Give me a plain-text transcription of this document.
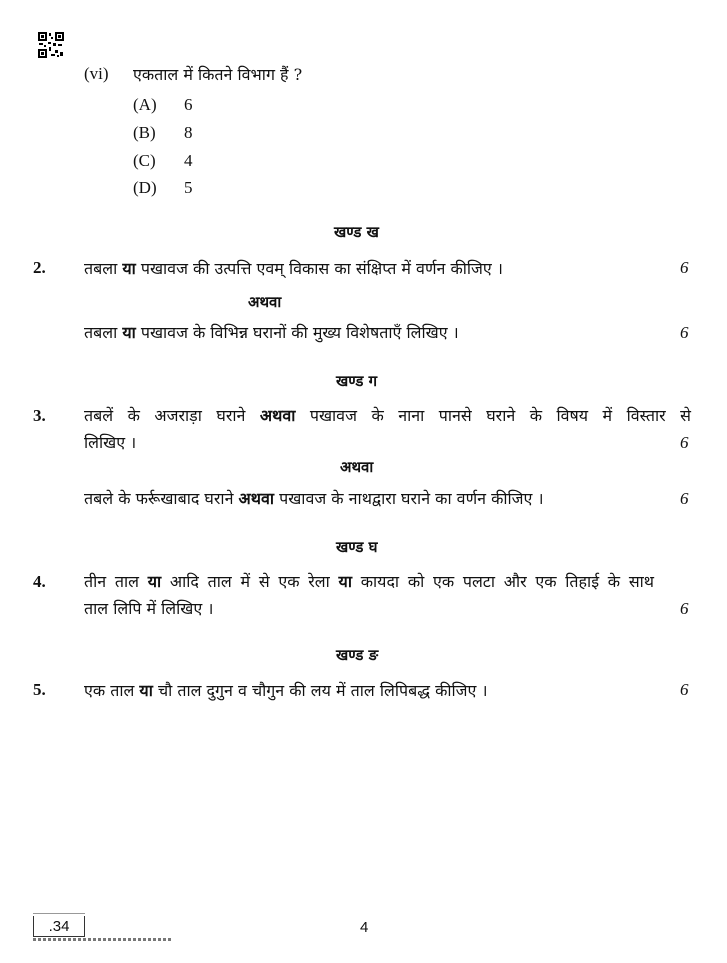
(vi) एकताल में कितने विभाग हैं ?
(A) 6
(B) 8
(C) 4
(D) 5
खण्ड ख
2. तबला या पखावज की उत्पत्ति एवम् विकास का संक्षिप्त में वर्णन कीजिए ।	6
अथवा
तबला या पखावज के विभिन्न घरानों की मुख्य विशेषताएँ लिखिए ।	6
खण्ड ग
3. तबलें के अजराड़ा घराने अथवा पखावज के नाना पानसे घराने के विषय में विस्तार से
लिखिए ।	6
अथवा
तबले के फर्रूखाबाद घराने अथवा पखावज के नाथद्वारा घराने का वर्णन कीजिए ।	6
खण्ड घ
4. तीन ताल या आदि ताल में से एक रेला या कायदा को एक पलटा और एक तिहाई के साथ
ताल लिपि में लिखिए ।	6
खण्ड ङ
5. एक ताल या चौ ताल दुगुन व चौगुन की लय में ताल लिपिबद्ध कीजिए ।	6
.34	4
